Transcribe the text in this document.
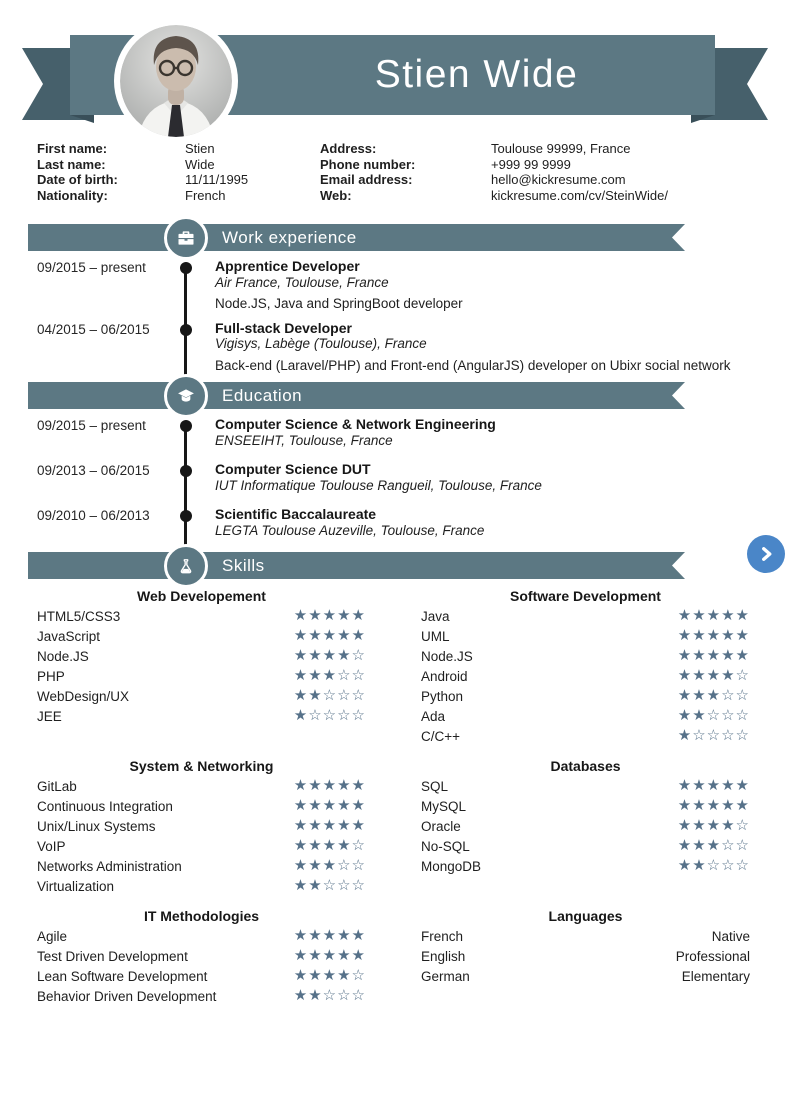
Stien Wide
First name:	Stien	Address:	Toulouse 99999, France
Last name:	Wide	Phone number:	+999 99 9999
Date of birth:	11/11/1995	Email address:	hello@kickresume.com
Nationality:	French	Web:	kickresume.com/cv/SteinWide/
Work experience
09/2015 – present	Apprentice Developer
Air France, Toulouse, France
Node.JS, Java and SpringBoot developer
04/2015 – 06/2015	Full-stack Developer
Vigisys, Labège (Toulouse), France
Back-end (Laravel/PHP) and Front-end (AngularJS) developer on Ubixr social network
Education
09/2015 – present	Computer Science & Network Engineering
ENSEEIHT, Toulouse, France
09/2013 – 06/2015	Computer Science DUT
IUT Informatique Toulouse Rangueil, Toulouse, France
09/2010 – 06/2013	Scientific Baccalaureate
LEGTA Toulouse Auzeville, Toulouse, France
Skills
Web Developement
HTML5/CSS3	★★★★★
JavaScript	★★★★★
Node.JS	★★★★☆
PHP	★★★☆☆
WebDesign/UX	★★☆☆☆
JEE	★☆☆☆☆
Software Development
Java	★★★★★
UML	★★★★★
Node.JS	★★★★★
Android	★★★★☆
Python	★★★☆☆
Ada	★★☆☆☆
C/C++	★☆☆☆☆
System & Networking
GitLab	★★★★★
Continuous Integration	★★★★★
Unix/Linux Systems	★★★★★
VoIP	★★★★☆
Networks Administration	★★★☆☆
Virtualization	★★☆☆☆
Databases
SQL	★★★★★
MySQL	★★★★★
Oracle	★★★★☆
No-SQL	★★★☆☆
MongoDB	★★☆☆☆
IT Methodologies
Agile	★★★★★
Test Driven Development	★★★★★
Lean Software Development	★★★★☆
Behavior Driven Development	★★☆☆☆
Languages
French	Native
English	Professional
German	Elementary
